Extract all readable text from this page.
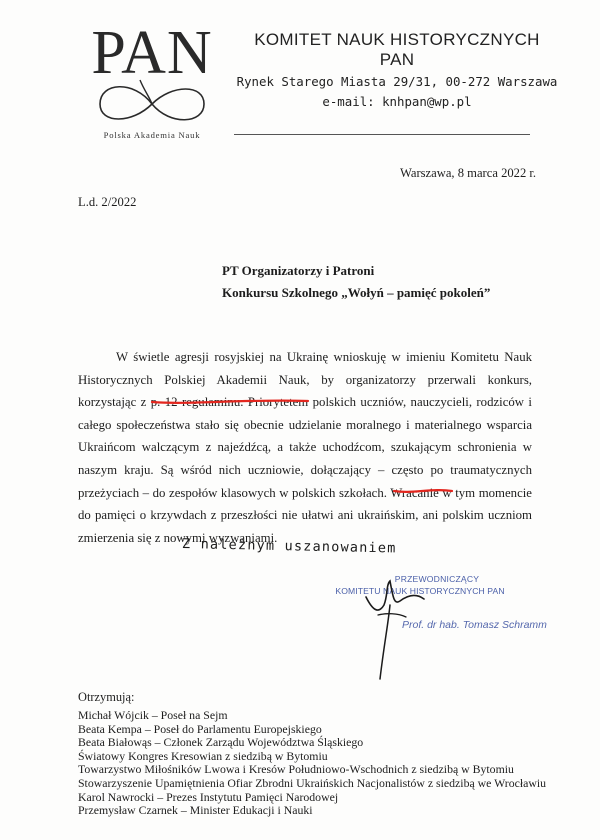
PAN
Polska Akademia Nauk
KOMITET NAUK HISTORYCZNYCH
PAN
Rynek Starego Miasta 29/31, 00-272 Warszawa
e-mail: knhpan@wp.pl
Warszawa, 8 marca 2022 r.
L.d. 2/2022
PT Organizatorzy i Patroni
Konkursu Szkolnego „Wołyń – pamięć pokoleń”
W świetle agresji rosyjskiej na Ukrainę wnioskuję w imieniu Komitetu Nauk Historycznych Polskiej Akademii Nauk, by organizatorzy przerwali konkurs, korzystając z p. 12 regulaminu. Priorytetem polskich uczniów, nauczycieli, rodziców i całego społeczeństwa stało się obecnie udzielanie moralnego i materialnego wsparcia Ukraińcom walczącym z najeźdźcą, a także uchodźcom, szukającym schronienia w naszym kraju. Są wśród nich uczniowie, dołączający – często po traumatycznych przeżyciach – do zespołów klasowych w polskich szkołach. Wracanie w tym momencie do pamięci o krzywdach z przeszłości nie ułatwi ani ukraińskim, ani polskim uczniom zmierzenia się z nowymi wyzwaniami.
Z należnym uszanowaniem
PRZEWODNICZĄCY
KOMITETU NAUK HISTORYCZNYCH PAN
Prof. dr hab. Tomasz Schramm
Otrzymują:
Michał Wójcik – Poseł na Sejm
Beata Kempa – Poseł do Parlamentu Europejskiego
Beata Białowąs – Członek Zarządu Województwa Śląskiego
Światowy Kongres Kresowian z siedzibą w Bytomiu
Towarzystwo Miłośników Lwowa i Kresów Południowo-Wschodnich z siedzibą w Bytomiu
Stowarzyszenie Upamiętnienia Ofiar Zbrodni Ukraińskich Nacjonalistów z siedzibą we Wrocławiu
Karol Nawrocki – Prezes Instytutu Pamięci Narodowej
Przemysław Czarnek – Minister Edukacji i Nauki
